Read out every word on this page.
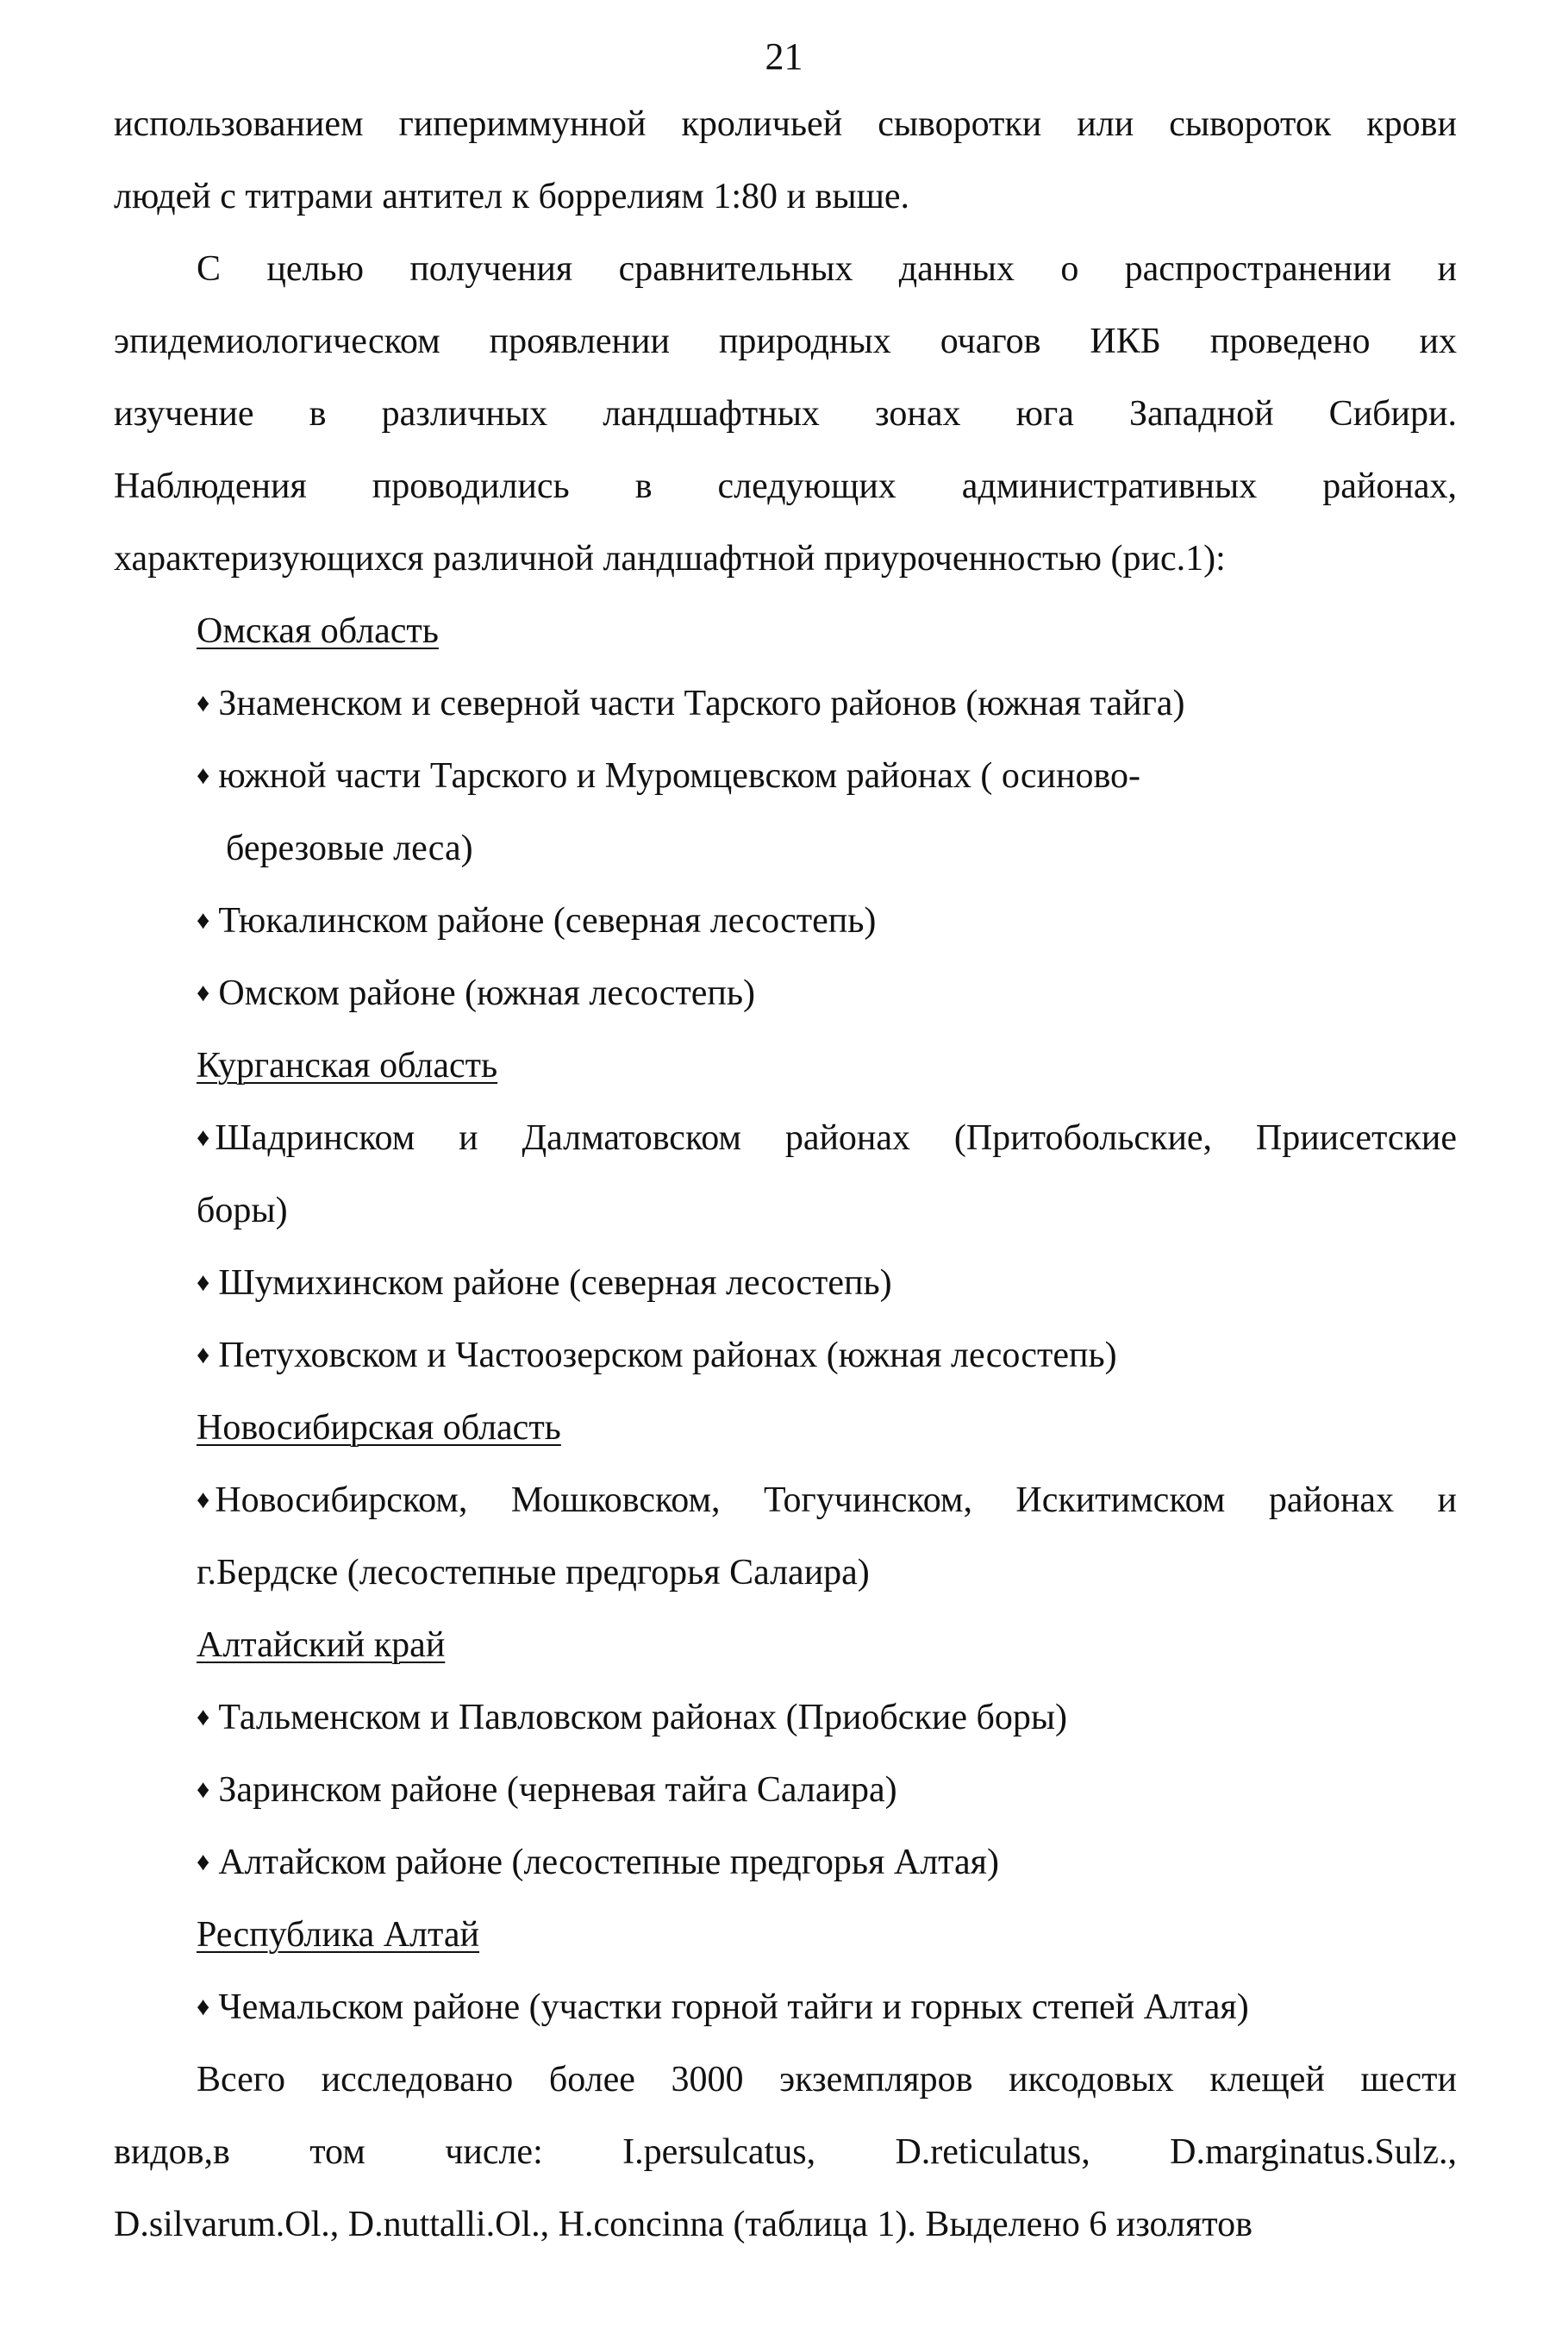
21
использованием гипериммунной кроличьей сыворотки или сывороток крови
людей с титрами антител к боррелиям 1:80 и выше.
С целью получения сравнительных данных о распространении и
эпидемиологическом проявлении природных очагов ИКБ проведено их
изучение в различных ландшафтных зонах юга Западной Сибири.
Наблюдения проводились в следующих административных районах,
характеризующихся различной ландшафтной приуроченностью (рис.1):

Омская область

♦ Знаменском и северной части Тарского районов (южная тайга)

♦ южной части Тарского и Муромцевском районах ( осиново-

березовые леса)

♦ Тюкалинском районе (северная лесостепь)

♦ Омском районе (южная лесостепь)

Курганская область

♦ Шадринском и Далматовском районах (Притобольские, Приисетские
боры)

♦ Шумихинском районе (северная лесостепь)

♦ Петуховском и Частоозерском районах (южная лесостепь)

Новосибирская область

♦ Новосибирском, Мошковском, Тогучинском, Искитимском районах и
г.Бердске (лесостепные предгорья Салаира)

Алтайский край

♦ Тальменском и Павловском районах (Приобские боры)

♦ Заринском районе (черневая тайга Салаира)

♦ Алтайском районе (лесостепные предгорья Алтая)

Республика Алтай

♦ Чемальском районе (участки горной тайги и горных степей Алтая)

Всего исследовано более 3000 экземпляров иксодовых клещей шести
видов,в том числе: I.persulcatus, D.reticulatus, D.marginatus.Sulz.,
D.silvarum.Ol., D.nuttalli.Ol., H.concinna (таблица 1). Выделено 6 изолятов
